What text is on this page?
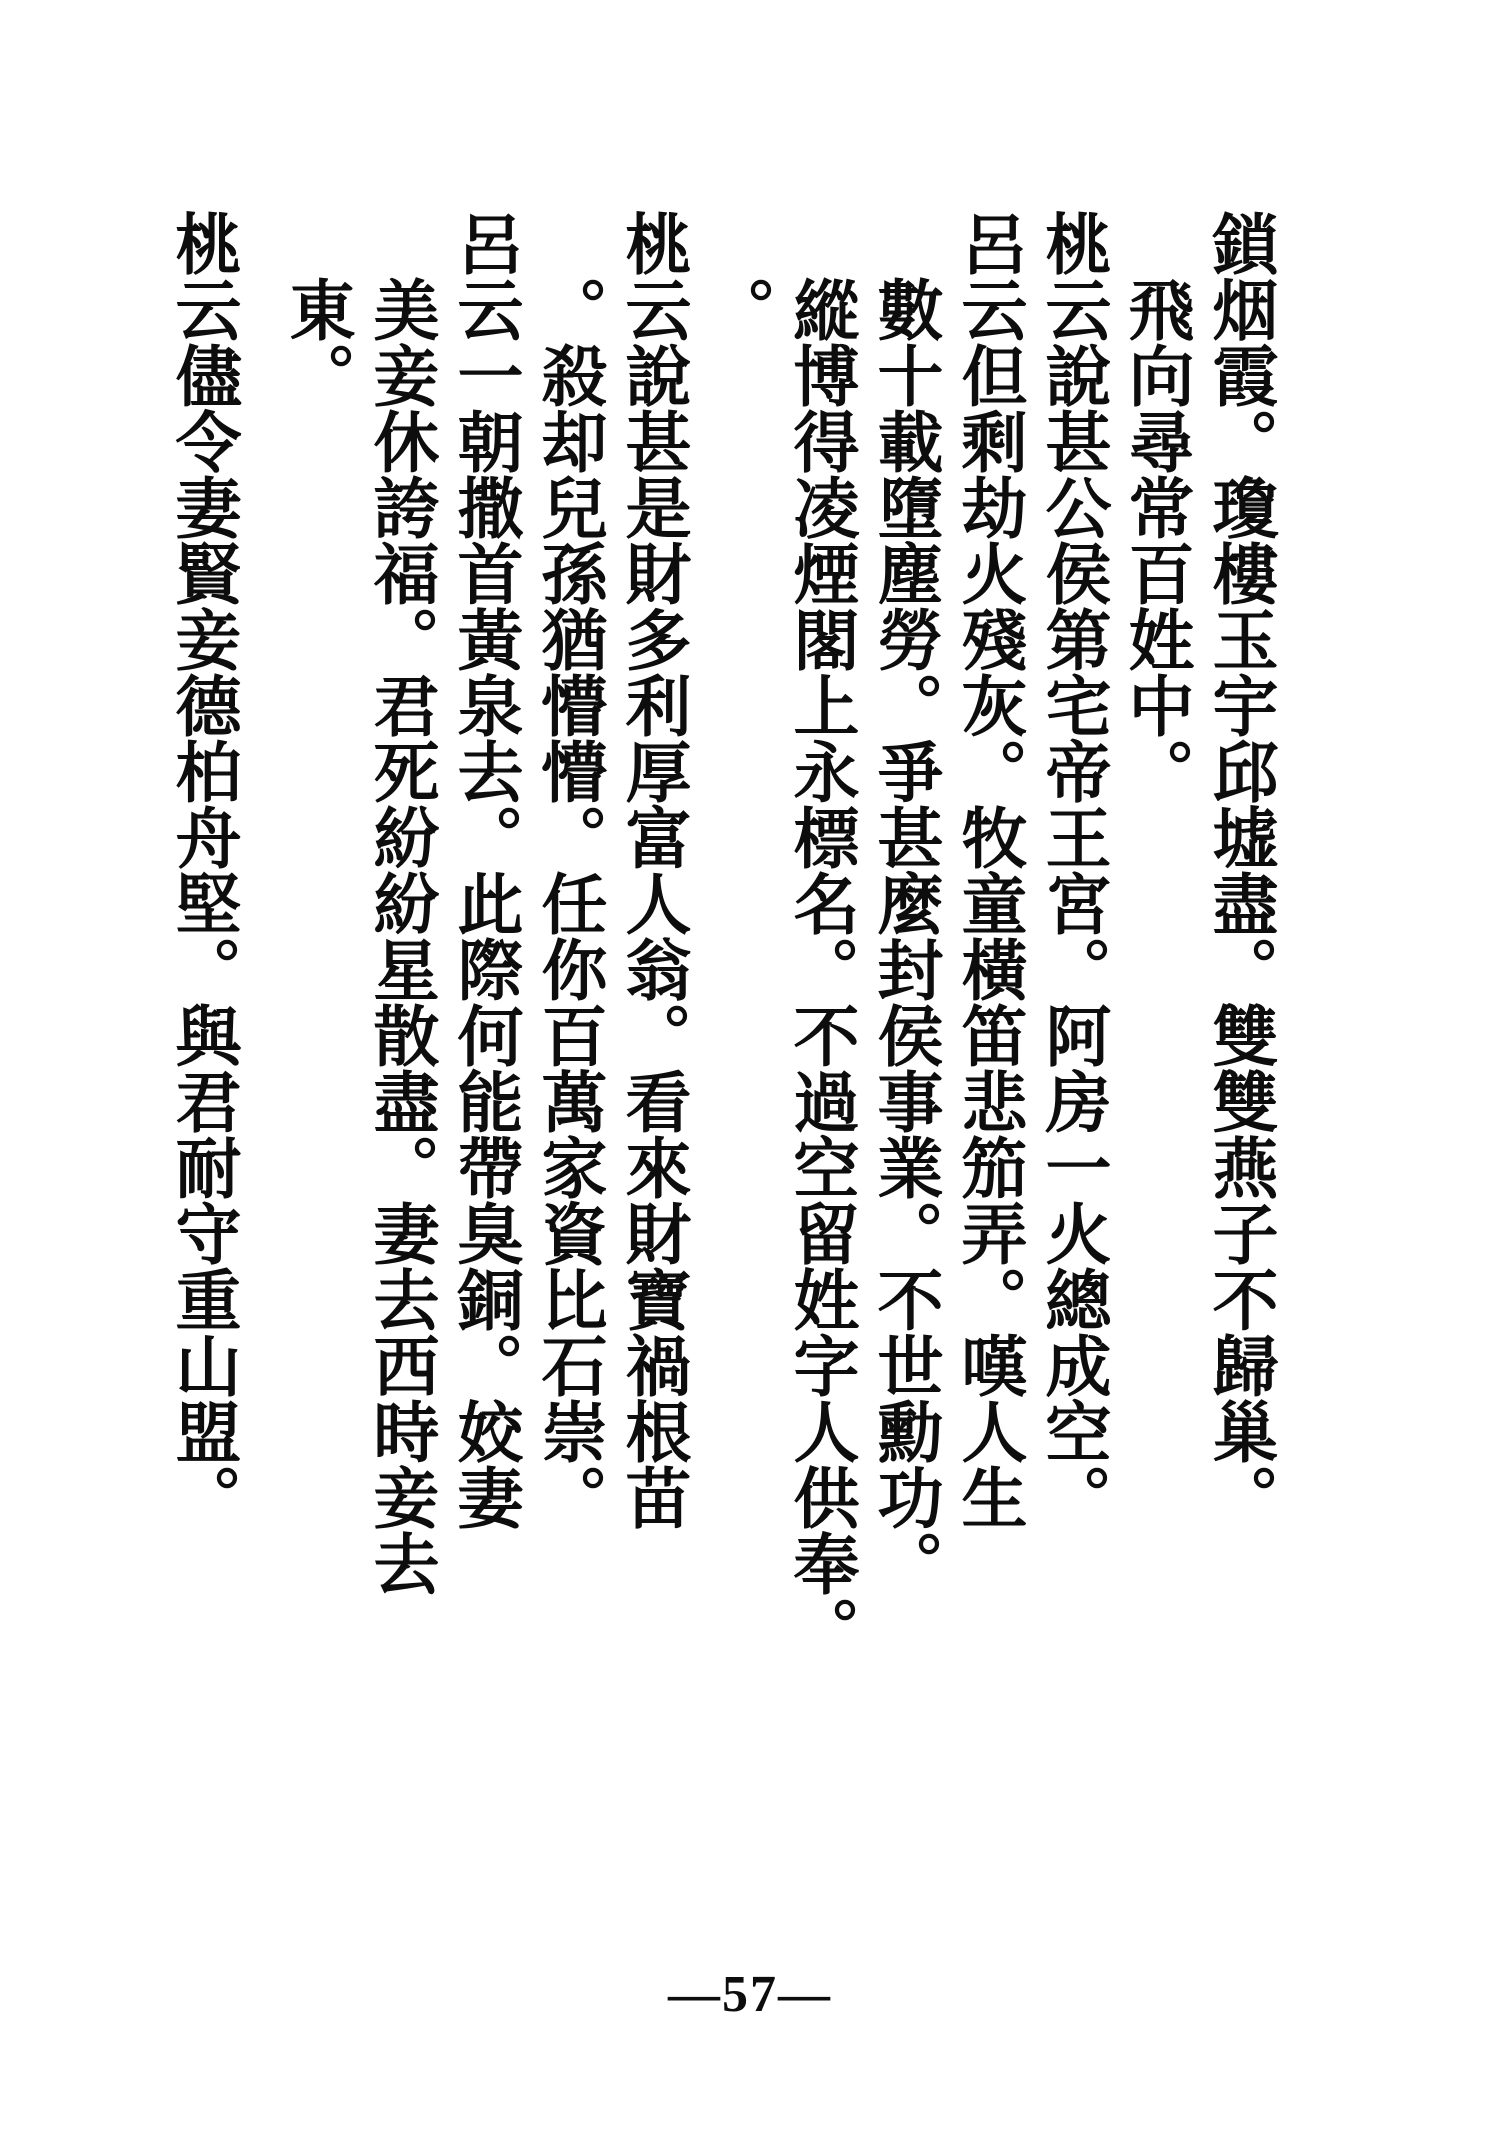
鎖烟霞。瓊樓玉宇邱墟盡。雙雙燕子不歸巢。
　飛向尋常百姓中。
桃云說甚公侯第宅帝王宮。阿房一火總成空。
呂云但剩劫火殘灰。牧童橫笛悲笳弄。嘆人生
　數十載墮塵勞。爭甚麼封侯事業。不世勳功。
　縱博得凌煙閣上永標名。不過空留姓字人供奉。
　。
桃云說甚是財多利厚富人翁。看來財寶禍根苗
　。殺却兒孫猶懵懵。任你百萬家資比石崇。
呂云一朝撒首黃泉去。此際何能帶臭銅。姣妻
　美妾休誇福。君死紛紛星散盡。妻去西時妾去
　東。
桃云儘令妻賢妾德柏舟堅。與君耐守重山盟。
—57—
